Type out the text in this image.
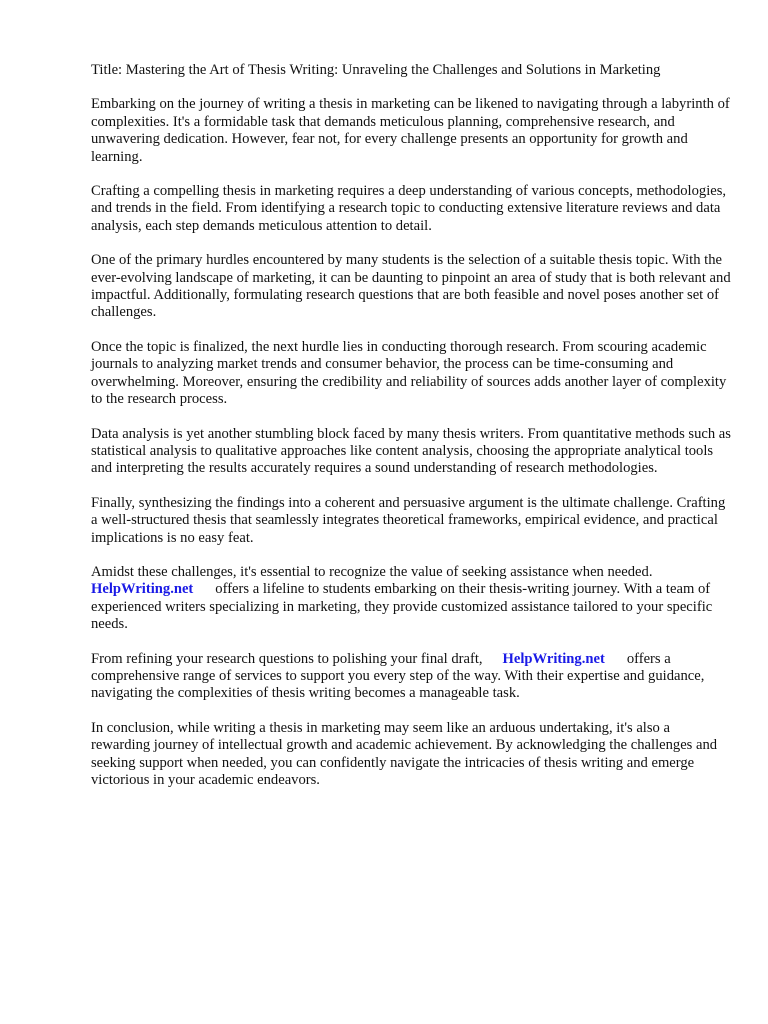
Title: Mastering the Art of Thesis Writing: Unraveling the Challenges and Solutions in Marketing

Embarking on the journey of writing a thesis in marketing can be likened to navigating through a labyrinth of complexities. It's a formidable task that demands meticulous planning, comprehensive research, and unwavering dedication. However, fear not, for every challenge presents an opportunity for growth and learning.

Crafting a compelling thesis in marketing requires a deep understanding of various concepts, methodologies, and trends in the field. From identifying a research topic to conducting extensive literature reviews and data analysis, each step demands meticulous attention to detail.

One of the primary hurdles encountered by many students is the selection of a suitable thesis topic. With the ever-evolving landscape of marketing, it can be daunting to pinpoint an area of study that is both relevant and impactful. Additionally, formulating research questions that are both feasible and novel poses another set of challenges.

Once the topic is finalized, the next hurdle lies in conducting thorough research. From scouring academic journals to analyzing market trends and consumer behavior, the process can be time-consuming and overwhelming. Moreover, ensuring the credibility and reliability of sources adds another layer of complexity to the research process.

Data analysis is yet another stumbling block faced by many thesis writers. From quantitative methods such as statistical analysis to qualitative approaches like content analysis, choosing the appropriate analytical tools and interpreting the results accurately requires a sound understanding of research methodologies.

Finally, synthesizing the findings into a coherent and persuasive argument is the ultimate challenge. Crafting a well-structured thesis that seamlessly integrates theoretical frameworks, empirical evidence, and practical implications is no easy feat.

Amidst these challenges, it's essential to recognize the value of seeking assistance when needed.
HelpWriting.net offers a lifeline to students embarking on their thesis-writing journey. With a team of experienced writers specializing in marketing, they provide customized assistance tailored to your specific needs.

From refining your research questions to polishing your final draft, HelpWriting.net offers a comprehensive range of services to support you every step of the way. With their expertise and guidance, navigating the complexities of thesis writing becomes a manageable task.

In conclusion, while writing a thesis in marketing may seem like an arduous undertaking, it's also a rewarding journey of intellectual growth and academic achievement. By acknowledging the challenges and seeking support when needed, you can confidently navigate the intricacies of thesis writing and emerge victorious in your academic endeavors.
